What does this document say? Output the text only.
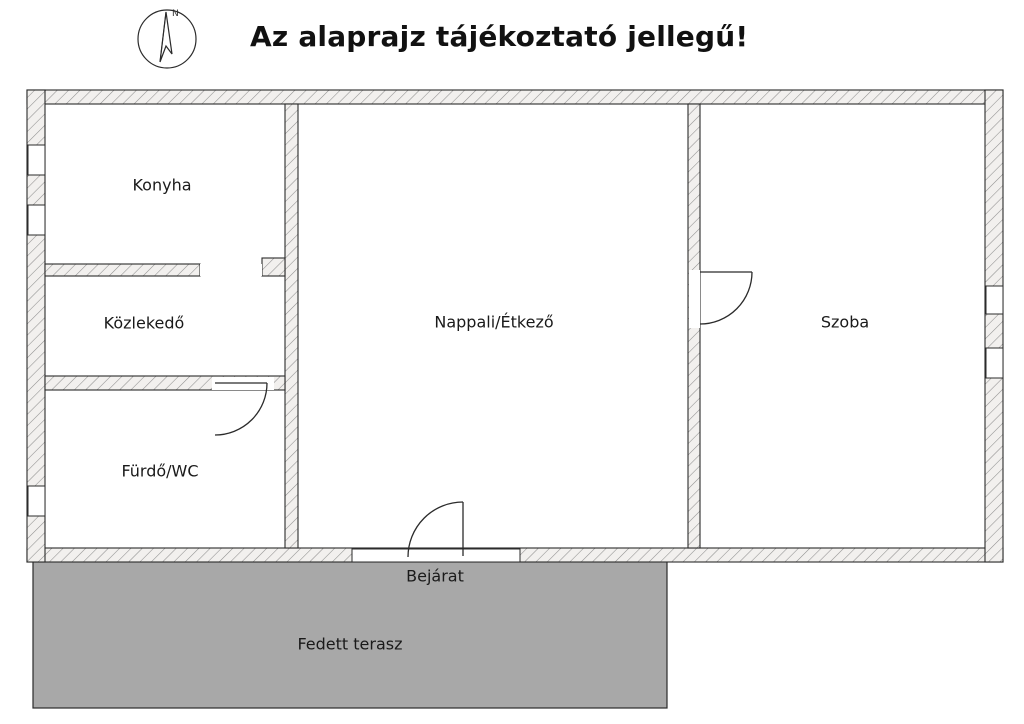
N
Az alaprajz tájékoztató jellegű!
Konyha
Közlekedő
Fürdő/WC
Nappali/Étkező	Szoba
Bejárat
Fedett terasz
